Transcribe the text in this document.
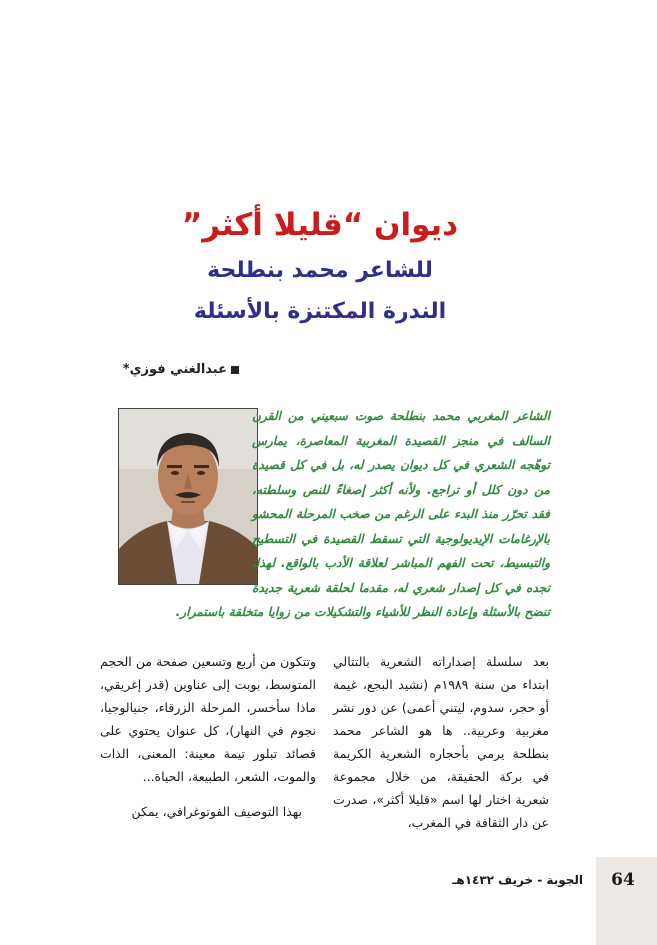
ديوان “قليلا أكثر”
للشاعر محمد بنطلحة
الندرة المكتنزة بالأسئلة
عبدالغني فوزي*
الشاعر المغربي محمد بنطلحة صوت سبعيني من القرن السالف في منجز القصيدة المغربية المعاصرة، يمارس توهّجه الشعري في كل ديوان يصدر له، بل في كل قصيدة من دون كلل أو تراجع. ولأنه أكثر إصغاءً للنص وسلطته، فقد تحرّر منذ البدء على الرغم من صخب المرحلة المحشو بالإرغامات الإيديولوجية التي تسقط القصيدة في التسطيح والتبسيط، تحت الفهم المباشر لعلاقة الأدب بالواقع. لهذا، تجده في كل إصدار شعري له، مقدما لحلقة شعرية جديدة تنضح بالأسئلة وإعادة النظر للأشياء والتشكيلات من زوايا متخلقة باستمرار.

بعد سلسلة إصداراته الشعرية بالتتالي ابتداء من سنة ١٩٨٩م (نشيد البجع، غيمة أو حجر، سدوم، ليتني أعمى) عن دور نشر مغربية وعربية.. ها هو الشاعر محمد بنطلحة يرمي بأحجاره الشعرية الكريمة في بركة الحقيقة، من خلال مجموعة شعرية اختار لها اسم «قليلا أكثر»، صدرت عن دار الثقافة في المغرب،

وتتكون من أربع وتسعين صفحة من الحجم المتوسط، بوبت إلى عناوين (قدر إغريقي، ماذا سأخسر، المرحلة الزرقاء، جنيالوجيا، نجوم في النهار)، كل عنوان يحتوي على قصائد تبلور تيمة معينة: المعنى، الذات والموت، الشعر، الطبيعة، الحياة...

بهذا التوصيف الفوتوغرافي، يمكن

64
الجوبة - خريف ١٤٣٢هـ
